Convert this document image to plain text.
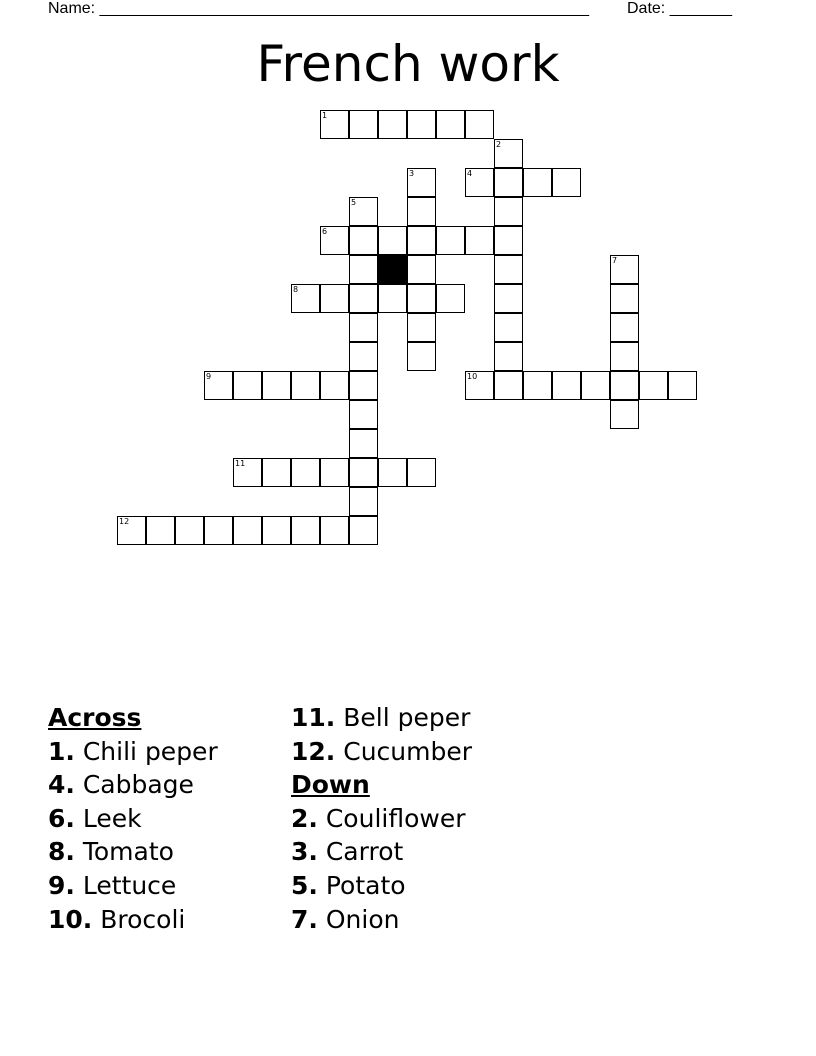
Name: _______________________________________________________ Date: _______
French work
1
2
3	4
5
6
7
8
9	10
11
12
Across
1. Chili peper
4. Cabbage
6. Leek
8. Tomato
9. Lettuce
10. Brocoli
11. Bell peper
12. Cucumber
Down
2. Couliflower
3. Carrot
5. Potato
7. Onion
